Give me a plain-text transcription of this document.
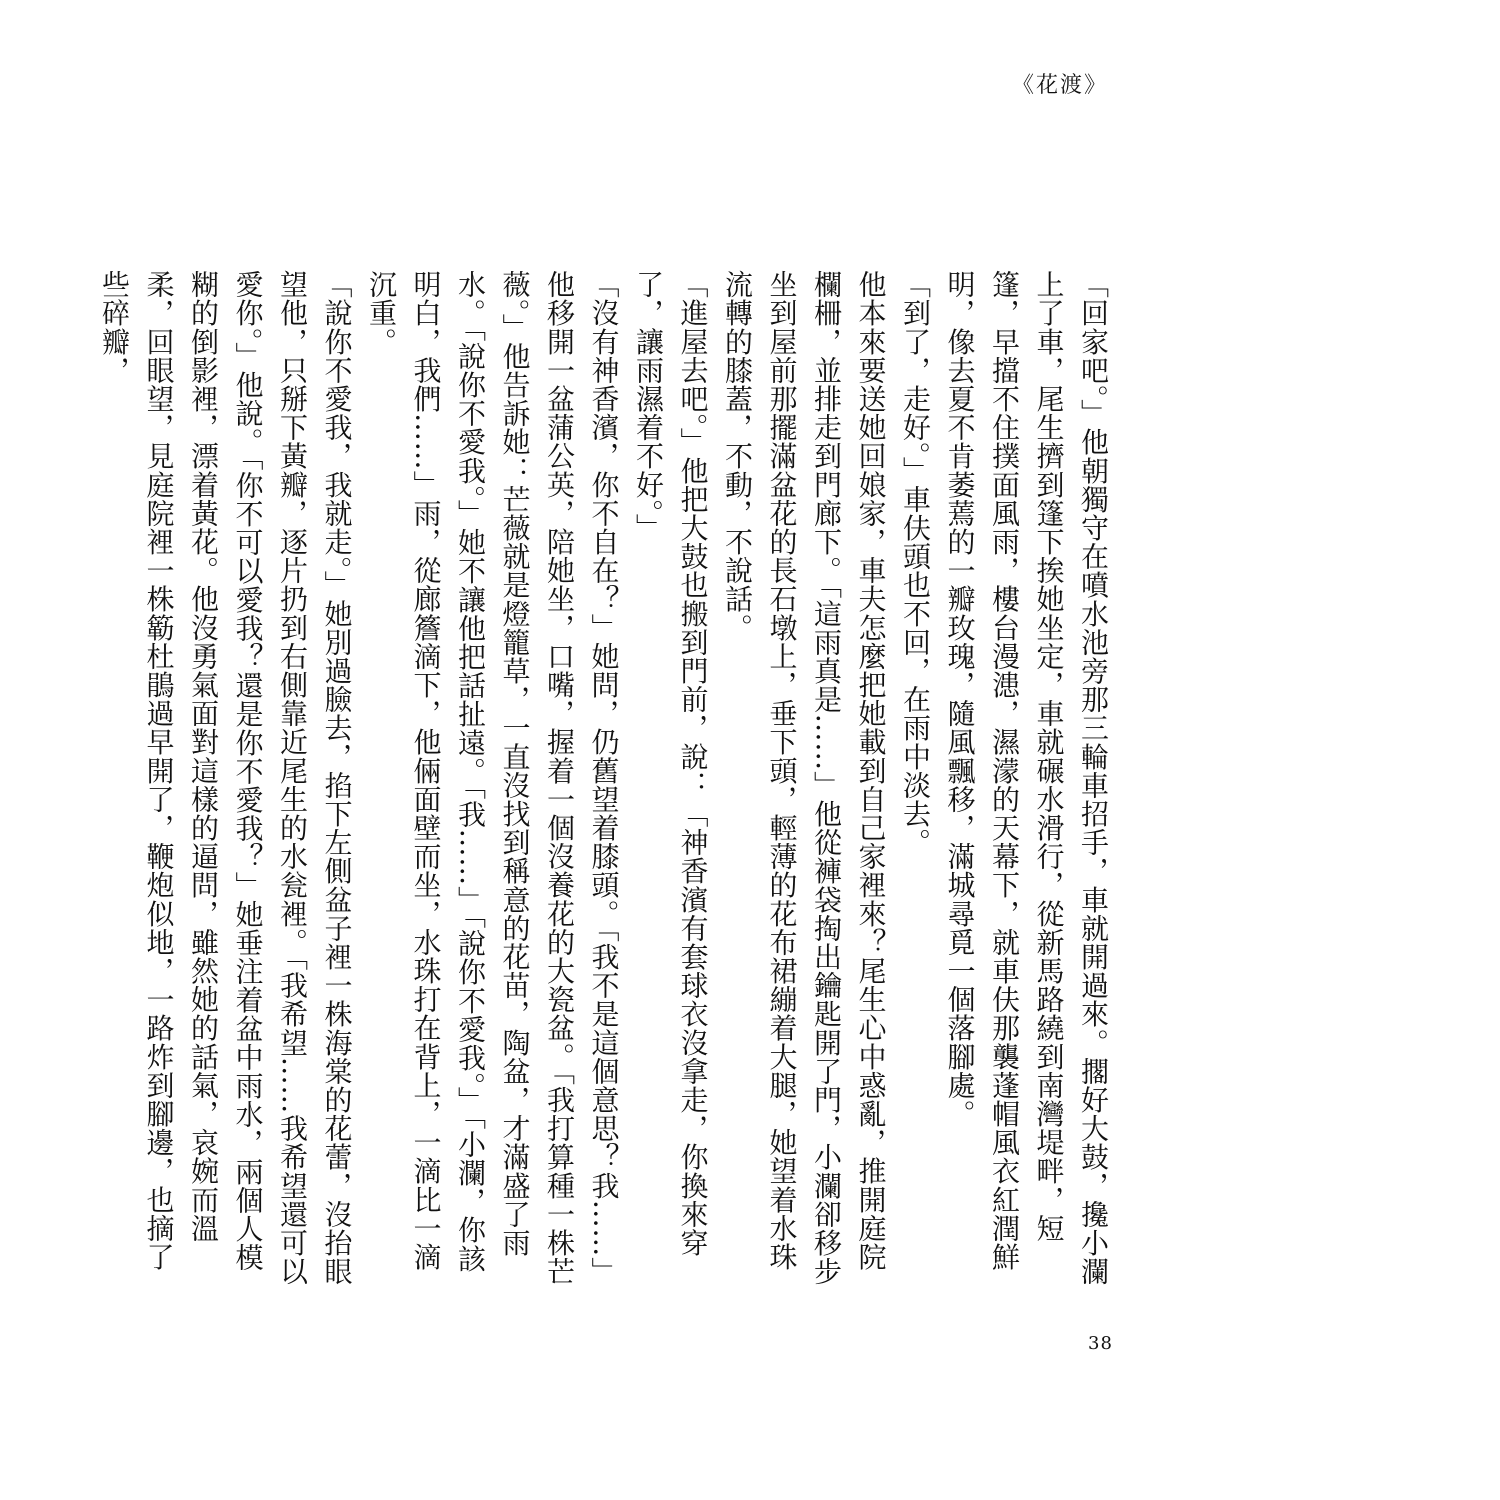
《花渡》

「回家吧。」他朝獨守在噴水池旁那三輪車招手，車就開過來。擱好大鼓，攙小瀾上了車，尾生擠到篷下挨她坐定，車就碾水滑行，從新馬路繞到南灣堤畔，短篷，早擋不住撲面風雨，樓台漫漶，濕濛的天幕下，就車伕那襲蓬帽風衣紅潤鮮明，像去夏不肯萎蔫的一瓣玫瑰，隨風飄移，滿城尋覓一個落腳處。

「到了，走好。」車伕頭也不回，在雨中淡去。

他本來要送她回娘家，車夫怎麼把她載到自己家裡來？尾生心中惑亂，推開庭院欄柵，並排走到門廊下。「這雨真是……」他從褲袋掏出鑰匙開了門，小瀾卻移步坐到屋前那擺滿盆花的長石墩上，垂下頭，輕薄的花布裙繃着大腿，她望着水珠流轉的膝蓋，不動，不說話。

「進屋去吧。」他把大鼓也搬到門前，說：「神香濱有套球衣沒拿走，你換來穿了，讓雨濕着不好。」

「沒有神香濱，你不自在？」她問，仍舊望着膝頭。「我不是這個意思？我……」他移開一盆蒲公英，陪她坐，口嘴，握着一個沒養花的大瓷盆。「我打算種一株芒薇。」他告訴她：芒薇就是燈籠草，一直沒找到稱意的花苗，陶盆，才滿盛了雨水。「說你不愛我。」她不讓他把話扯遠。「我……」「說你不愛我。」「小瀾，你該明白，我們……」雨，從廊簷滴下，他倆面壁而坐，水珠打在背上，一滴比一滴沉重。

「說你不愛我，我就走。」她別過臉去，掐下左側盆子裡一株海棠的花蕾，沒抬眼望他，只掰下黃瓣，逐片扔到右側靠近尾生的水瓮裡。「我希望……我希望還可以愛你。」他說。「你不可以愛我？還是你不愛我？」她垂注着盆中雨水，兩個人模糊的倒影裡，漂着黃花。他沒勇氣面對這樣的逼問，雖然她的話氣，哀婉而溫柔，回眼望，見庭院裡一株簕杜鵑過早開了，鞭炮似地，一路炸到腳邊，也摘了些碎瓣，

38
